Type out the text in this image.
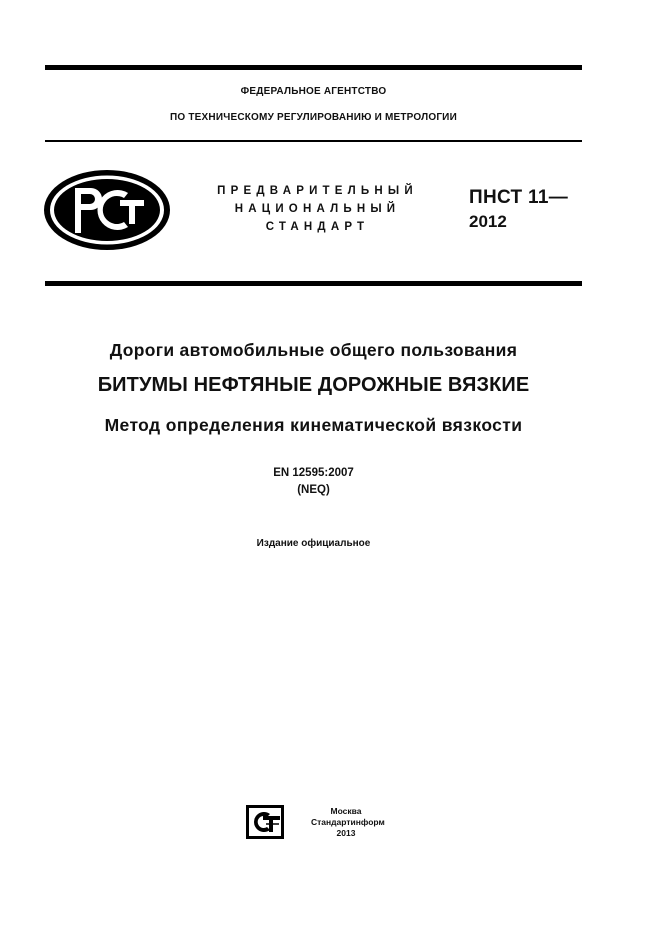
ФЕДЕРАЛЬНОЕ АГЕНТСТВО
ПО ТЕХНИЧЕСКОМУ РЕГУЛИРОВАНИЮ И МЕТРОЛОГИИ
ПРЕДВАРИТЕЛЬНЫЙ
НАЦИОНАЛЬНЫЙ
СТАНДАРТ
ПНСТ 11—
2012
Дороги автомобильные общего пользования
БИТУМЫ НЕФТЯНЫЕ ДОРОЖНЫЕ ВЯЗКИЕ
Метод определения кинематической вязкости
EN 12595:2007
(NEQ)
Издание официальное
Москва
Стандартинформ
2013
